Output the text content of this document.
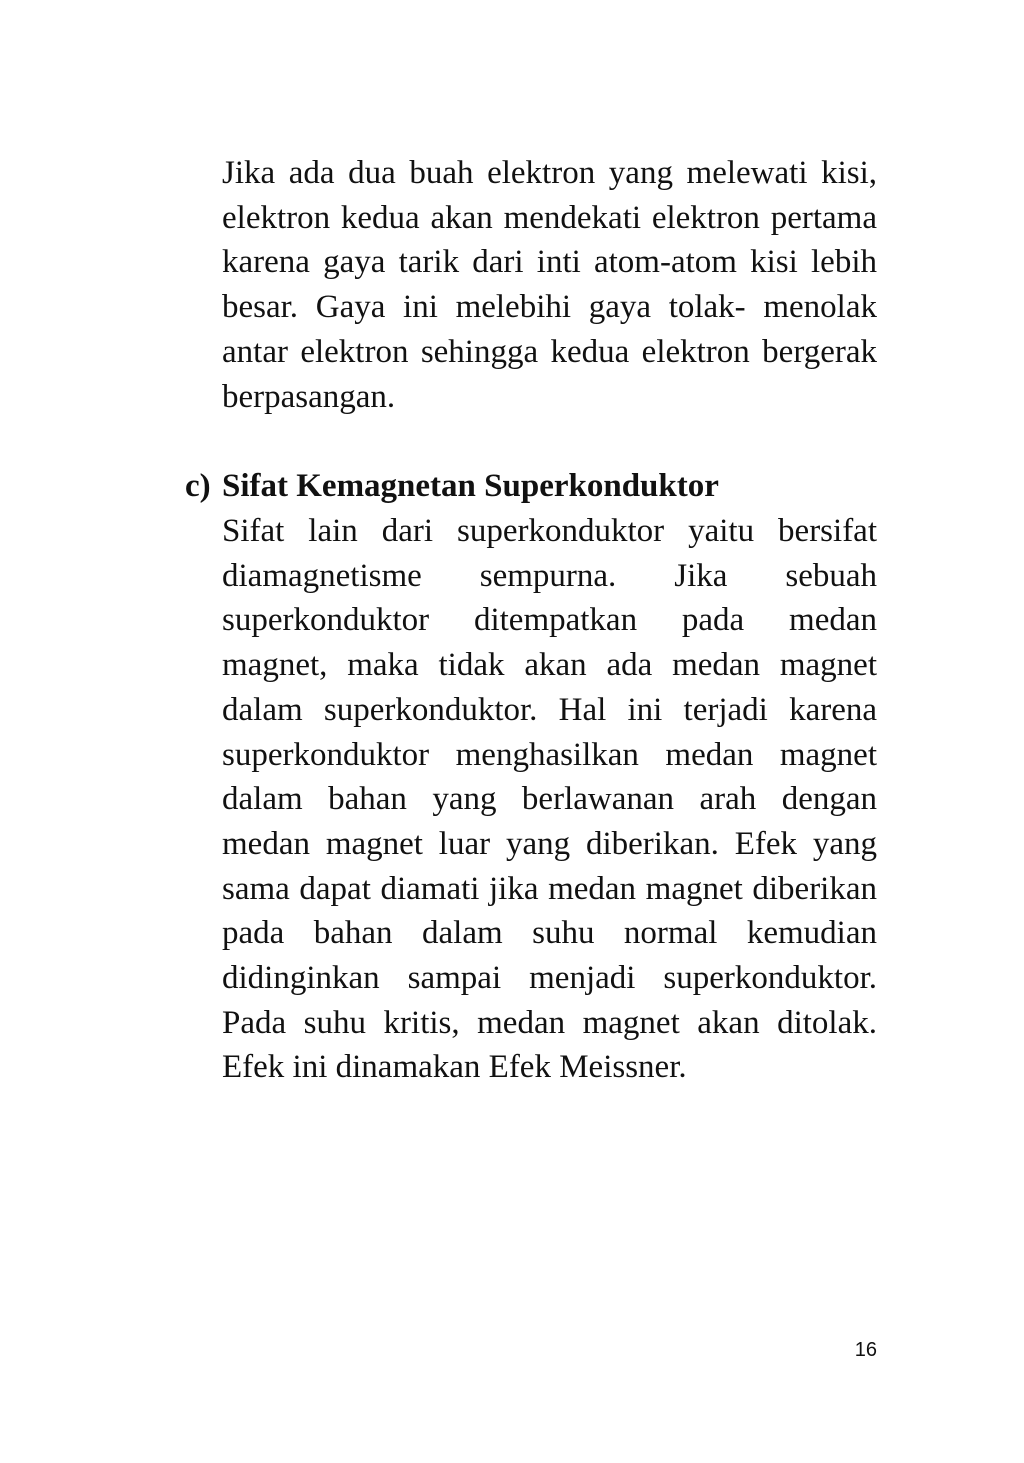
Jika ada dua buah elektron yang melewati kisi, elektron kedua akan mendekati elektron pertama karena gaya tarik dari inti atom-atom kisi lebih besar. Gaya ini melebihi gaya tolak- menolak antar elektron sehingga kedua elektron bergerak berpasangan.

c) Sifat Kemagnetan Superkonduktor

Sifat lain dari superkonduktor yaitu bersifat diamagnetisme sempurna. Jika sebuah superkonduktor ditempatkan pada medan magnet, maka tidak akan ada medan magnet dalam superkonduktor. Hal ini terjadi karena superkonduktor menghasilkan medan magnet dalam bahan yang berlawanan arah dengan medan magnet luar yang diberikan. Efek yang sama dapat diamati jika medan magnet diberikan pada bahan dalam suhu normal kemudian didinginkan sampai menjadi superkonduktor. Pada suhu kritis, medan magnet akan ditolak. Efek ini dinamakan Efek Meissner.

16
